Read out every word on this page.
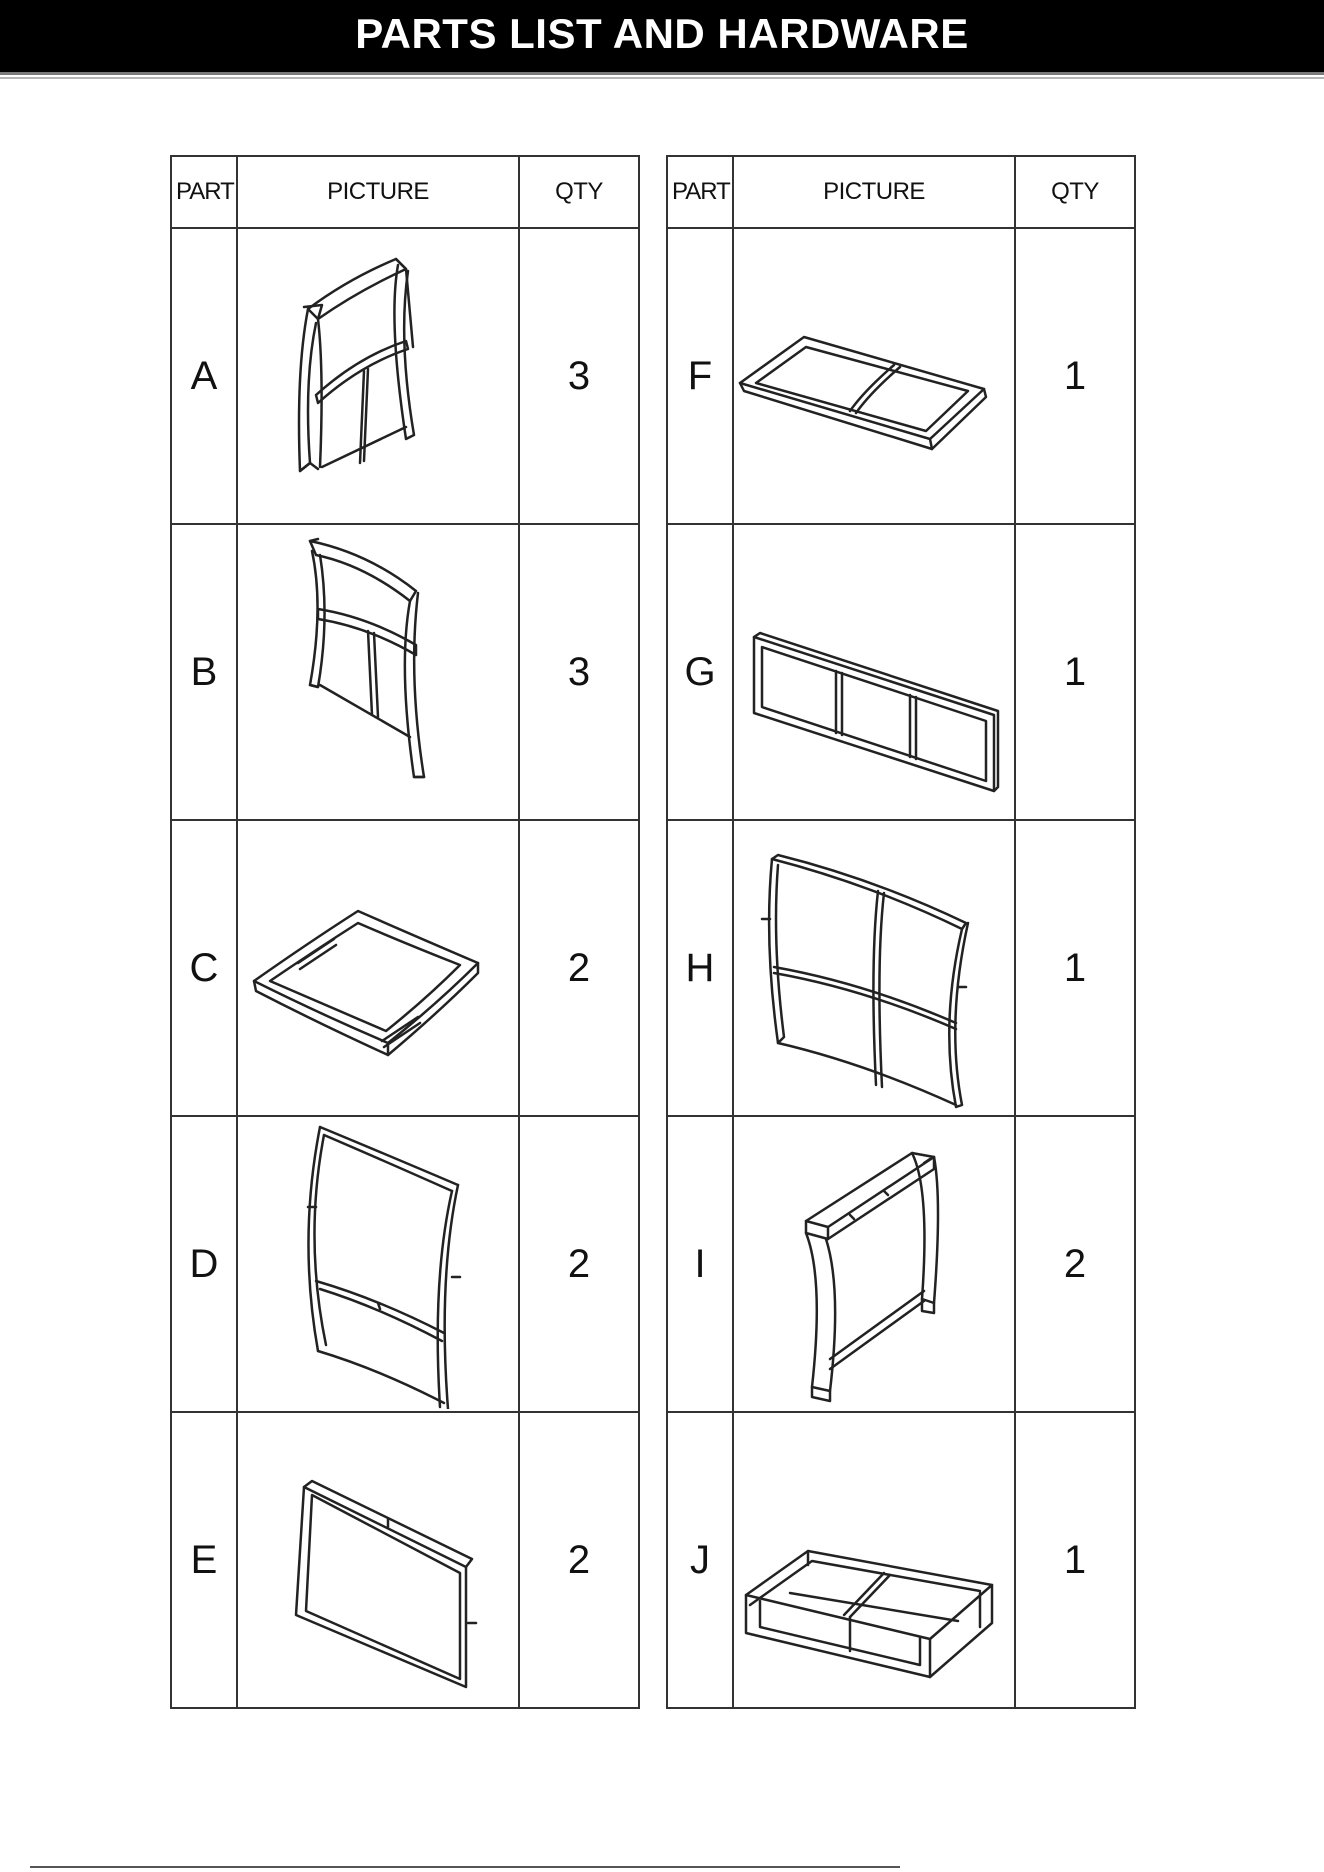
PARTS LIST AND HARDWARE
PART	PICTURE	QTY
A		3
B		3
C		2
D		2
E		2
PART	PICTURE	QTY
F		1
G		1
H		1
I		2
J		1
